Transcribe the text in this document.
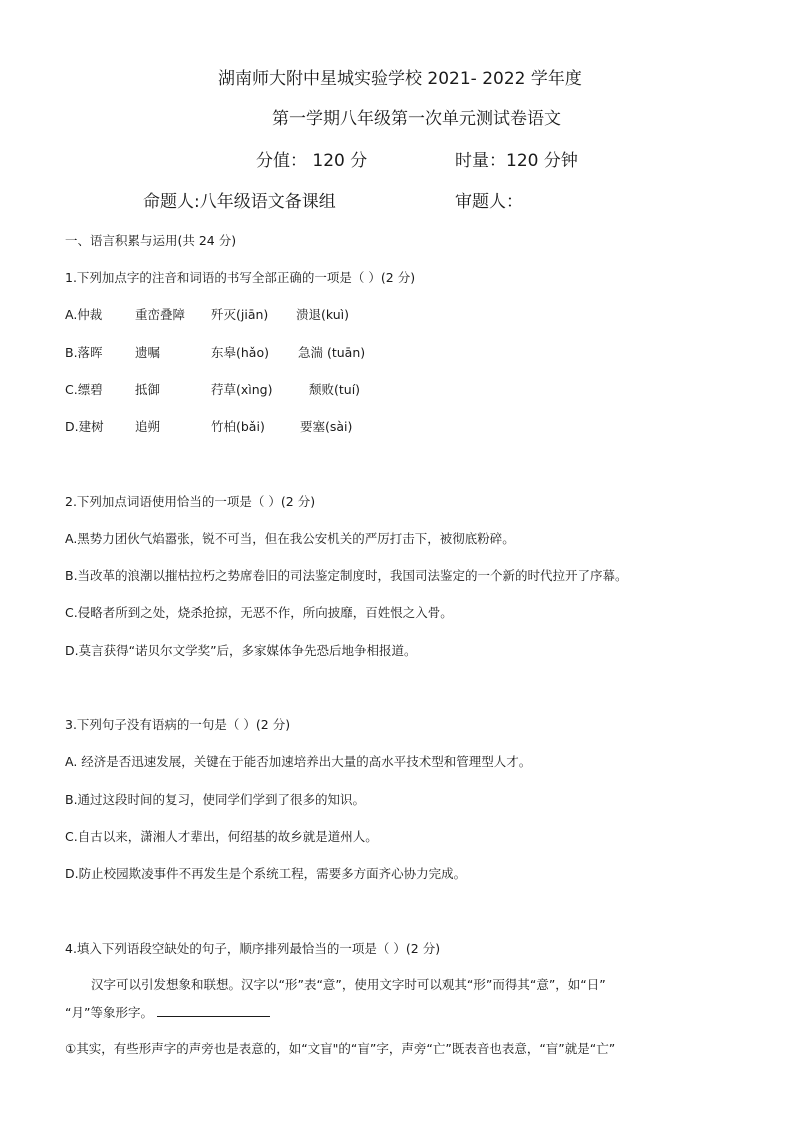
湖南师大附中星城实验学校 2021- 2022 学年度
第一学期八年级第一次单元测试卷语文
分值： 120 分	时量：120 分钟
命题人:八年级语文备课组	审题人：
一、语言积累与运用(共 24 分)
1.下列加点字的注音和词语的书写全部正确的一项是（ ）(2 分)
A.仲裁	重峦叠障 歼灭(jiān) 溃退(kuì)
B.落晖	遗嘱	东皋(hǎo) 急湍 (tuān)
C.缥碧	抵御	荇草(xìng)	颓败(tuí)
D.建树	追朔	竹柏(bǎi)	要塞(sài)
2.下列加点词语使用恰当的一项是（ ）(2 分)
A.黑势力团伙气焰嚣张，锐不可当，但在我公安机关的严厉打击下，被彻底粉碎。
B.当改革的浪潮以摧枯拉朽之势席卷旧的司法鉴定制度时，我国司法鉴定的一个新的时代拉开了序幕。
C.侵略者所到之处，烧杀抢掠，无恶不作，所向披靡，百姓恨之入骨。
D.莫言获得“诺贝尔文学奖”后，多家媒体争先恐后地争相报道。
3.下列句子没有语病的一句是（ ）(2 分)
A. 经济是否迅速发展，关键在于能否加速培养出大量的高水平技术型和管理型人才。
B.通过这段时间的复习，使同学们学到了很多的知识。
C.自古以来，潇湘人才辈出，何绍基的故乡就是道州人。
D.防止校园欺凌事件不再发生是个系统工程，需要多方面齐心协力完成。
4.填入下列语段空缺处的句子，顺序排列最恰当的一项是（ ）(2 分)
汉字可以引发想象和联想。汉字以“形”表“意”，使用文字时可以观其“形”而得其“意”，如“日”
“月”等象形字。
①其实，有些形声字的声旁也是表意的，如“文盲"的“盲”字，声旁“亡”既表音也表意，“盲”就是“亡”
